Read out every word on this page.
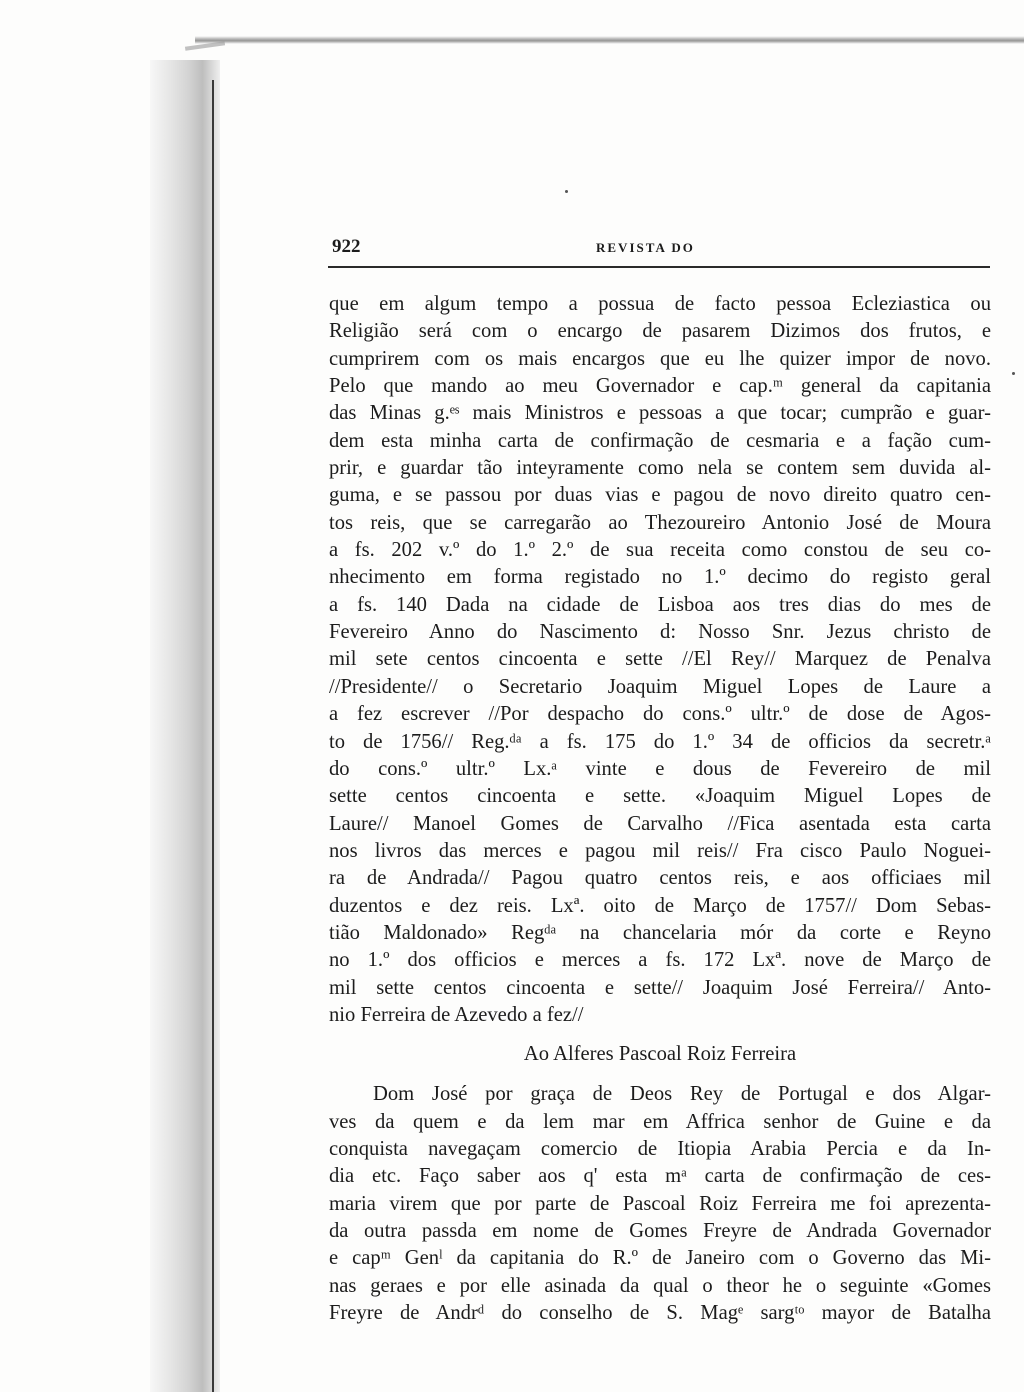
922	REVISTA DO
que em algum tempo a possua de facto pessoa Ecleziastica ou
Religião será com o encargo de pasarem Dizimos dos frutos, e
cumprirem com os mais encargos que eu lhe quizer impor de novo.
Pelo que mando ao meu Governador e cap.ᵐ general da capitania
das Minas g.ᵉˢ mais Ministros e pessoas a que tocar; cumprão e guar-
dem esta minha carta de confirmação de cesmaria e a fação cum-
prir, e guardar tão inteyramente como nela se contem sem duvida al-
guma, e se passou por duas vias e pagou de novo direito quatro cen-
tos reis, que se carregarão ao Thezoureiro Antonio José de Moura
a fs. 202 v.º do 1.º 2.º de sua receita como constou de seu co-
nhecimento em forma registado no 1.º decimo do registo geral
a fs. 140 Dada na cidade de Lisboa aos tres dias do mes de
Fevereiro Anno do Nascimento d: Nosso Snr. Jezus christo de
mil sete centos cincoenta e sette //El Rey// Marquez de Penalva
//Presidente// o Secretario Joaquim Miguel Lopes de Laure a
a fez escrever //Por despacho do cons.º ultr.º de dose de Agos-
to de 1756// Reg.ᵈᵃ a fs. 175 do 1.º 34 de officios da secretr.ᵃ
do cons.º ultr.º Lx.ᵃ vinte e dous de Fevereiro de mil
sette centos cincoenta e sette. «Joaquim Miguel Lopes de
Laure// Manoel Gomes de Carvalho //Fica asentada esta carta
nos livros das merces e pagou mil reis// Fra cisco Paulo Noguei-
ra de Andrada// Pagou quatro centos reis, e aos officiaes mil
duzentos e dez reis. Lxª. oito de Março de 1757// Dom Sebas-
tião Maldonado» Regᵈᵃ na chancelaria mór da corte e Reyno
no 1.º dos officios e merces a fs. 172 Lxª. nove de Março de
mil sette centos cincoenta e sette// Joaquim José Ferreira// Anto-
nio Ferreira de Azevedo a fez//
Ao Alferes Pascoal Roiz Ferreira
Dom José por graça de Deos Rey de Portugal e dos Algar-
ves da quem e da lem mar em Affrica senhor de Guine e da
conquista navegaçam comercio de Itiopia Arabia Percia e da In-
dia etc. Faço saber aos q' esta mᵃ carta de confirmação de ces-
maria virem que por parte de Pascoal Roiz Ferreira me foi aprezenta-
da outra passda em nome de Gomes Freyre de Andrada Governador
e capᵐ Genˡ da capitania do R.º de Janeiro com o Governo das Mi-
nas geraes e por elle asinada da qual o theor he o seguinte «Gomes
Freyre de Andrᵈ do conselho de S. Magᵉ sargᵗᵒ mayor de Batalha
